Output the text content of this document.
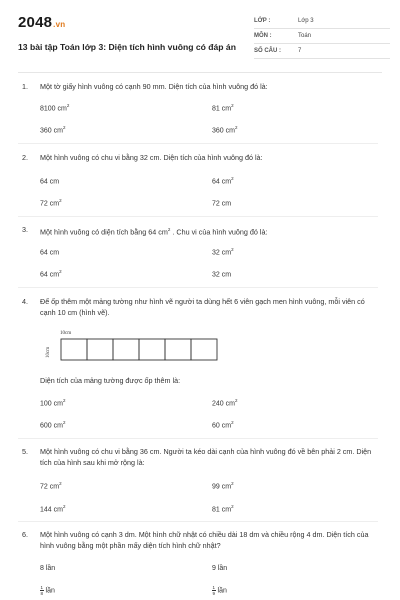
2048.vn
13 bài tập Toán lớp 3: Diện tích hình vuông có đáp án
LỚP :	Lớp 3
MÔN :	Toán
SỐ CÂU :	7
1. Một tờ giấy hình vuông có cạnh 90 mm. Diện tích của hình vuông đó là:
8100 $cm^2$	81 $cm^2$
360 $cm^2$	360 $cm^2$
2. Một hình vuông có chu vi bằng 32 cm. Diện tích của hình vuông đó là:
64 cm	64 $cm^2$
72 $cm^2$	72 cm
3. Một hình vuông có diện tích bằng 64 $cm^2$ . Chu vi của hình vuông đó là:
64 cm	32 $cm^2$
64 $cm^2$	32 cm
4. Để ốp thêm một mảng tường như hình vẽ người ta dùng hết 6 viên gạch men hình vuông, mỗi viên có cạnh 10 cm (hình vẽ).
10cm
10cm
Diện tích của mảng tường được ốp thêm là:
100 $cm^2$	240 $cm^2$
600 $cm^2$	60 $cm^2$
5. Một hình vuông có chu vi bằng 36 cm. Người ta kéo dài cạnh của hình vuông đó về bên phải 2 cm. Diện tích của hình sau khi mở rộng là:
72 $cm^2$	99 $cm^2$
144 $cm^2$	81 $cm^2$
6. Một hình vuông có cạnh 3 dm. Một hình chữ nhật có chiều dài 18 dm và chiều rộng 4 dm. Diện tích của hình vuông bằng một phần mấy diện tích hình chữ nhật?
8 lần	9 lần
$\frac{1}{8}$ lần	$\frac{1}{9}$ lần
